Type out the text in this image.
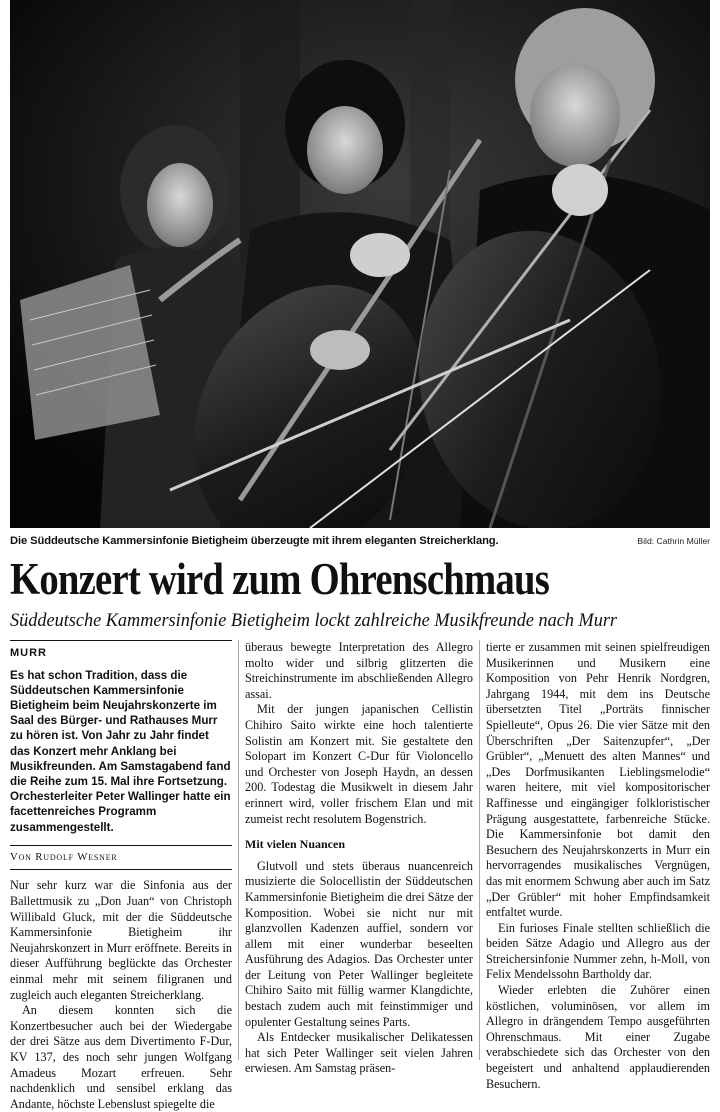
Die Süddeutsche Kammersinfonie Bietigheim überzeugte mit ihrem eleganten Streicherklang.	Bild: Cathrin Müller
Konzert wird zum Ohrenschmaus
Süddeutsche Kammersinfonie Bietigheim lockt zahlreiche Musikfreunde nach Murr
MURR
Es hat schon Tradition, dass die Süddeutschen Kammersinfonie Bietigheim beim Neujahrskonzerte im Saal des Bürger- und Rathauses Murr zu hören ist. Von Jahr zu Jahr findet das Konzert mehr Anklang bei Musikfreunden. Am Samstagabend fand die Reihe zum 15. Mal ihre Fortsetzung. Orchesterleiter Peter Wallinger hatte ein facettenreiches Programm zusammengestellt.
Von Rudolf Wesner

Nur sehr kurz war die Sinfonia aus der Ballettmusik zu „Don Juan“ von Christoph Willibald Gluck, mit der die Süddeutsche Kammersinfonie Bietigheim ihr Neujahrskonzert in Murr eröffnete. Bereits in dieser Aufführung beglückte das Orchester einmal mehr mit seinem filigranen und zugleich auch eleganten Streicherklang.

An diesem konnten sich die Konzertbesucher auch bei der Wiedergabe der drei Sätze aus dem Divertimento F-Dur, KV 137, des noch sehr jungen Wolfgang Amadeus Mozart erfreuen. Sehr nachdenklich und sensibel erklang das Andante, höchste Lebenslust spiegelte die

überaus bewegte Interpretation des Allegro molto wider und silbrig glitzerten die Streichinstrumente im abschließenden Allegro assai.

Mit der jungen japanischen Cellistin Chihiro Saito wirkte eine hoch talentierte Solistin am Konzert mit. Sie gestaltete den Solopart im Konzert C-Dur für Violoncello und Orchester von Joseph Haydn, an dessen 200. Todestag die Musikwelt in diesem Jahr erinnert wird, voller frischem Elan und mit zumeist recht resolutem Bogenstrich.

Mit vielen Nuancen

Glutvoll und stets überaus nuancenreich musizierte die Solocellistin der Süddeutschen Kammersinfonie Bietigheim die drei Sätze der Komposition. Wobei sie nicht nur mit glanzvollen Kadenzen auffiel, sondern vor allem mit einer wunderbar beseelten Ausführung des Adagios. Das Orchester unter der Leitung von Peter Wallinger begleitete Chihiro Saito mit füllig warmer Klangdichte, bestach zudem auch mit feinstimmiger und opulenter Gestaltung seines Parts.

Als Entdecker musikalischer Delikatessen hat sich Peter Wallinger seit vielen Jahren erwiesen. Am Samstag präsen-

tierte er zusammen mit seinen spielfreudigen Musikerinnen und Musikern eine Komposition von Pehr Henrik Nordgren, Jahrgang 1944, mit dem ins Deutsche übersetzten Titel „Porträts finnischer Spielleute“, Opus 26. Die vier Sätze mit den Überschriften „Der Saitenzupfer“, „Der Grübler“, „Menuett des alten Mannes“ und „Des Dorfmusikanten Lieblingsmelodie“ waren heitere, mit viel kompositorischer Raffinesse und eingängiger folkloristischer Prägung ausgestattete, farbenreiche Stücke. Die Kammersinfonie bot damit den Besuchern des Neujahrskonzerts in Murr ein hervorragendes musikalisches Vergnügen, das mit enormem Schwung aber auch im Satz „Der Grübler“ mit hoher Empfindsamkeit entfaltet wurde.

Ein furioses Finale stellten schließlich die beiden Sätze Adagio und Allegro aus der Streichersinfonie Nummer zehn, h-Moll, von Felix Mendelssohn Bartholdy dar.

Wieder erlebten die Zuhörer einen köstlichen, voluminösen, vor allem im Allegro in drängendem Tempo ausgeführten Ohrenschmaus. Mit einer Zugabe verabschiedete sich das Orchester von den begeistert und anhaltend applaudierenden Besuchern.
